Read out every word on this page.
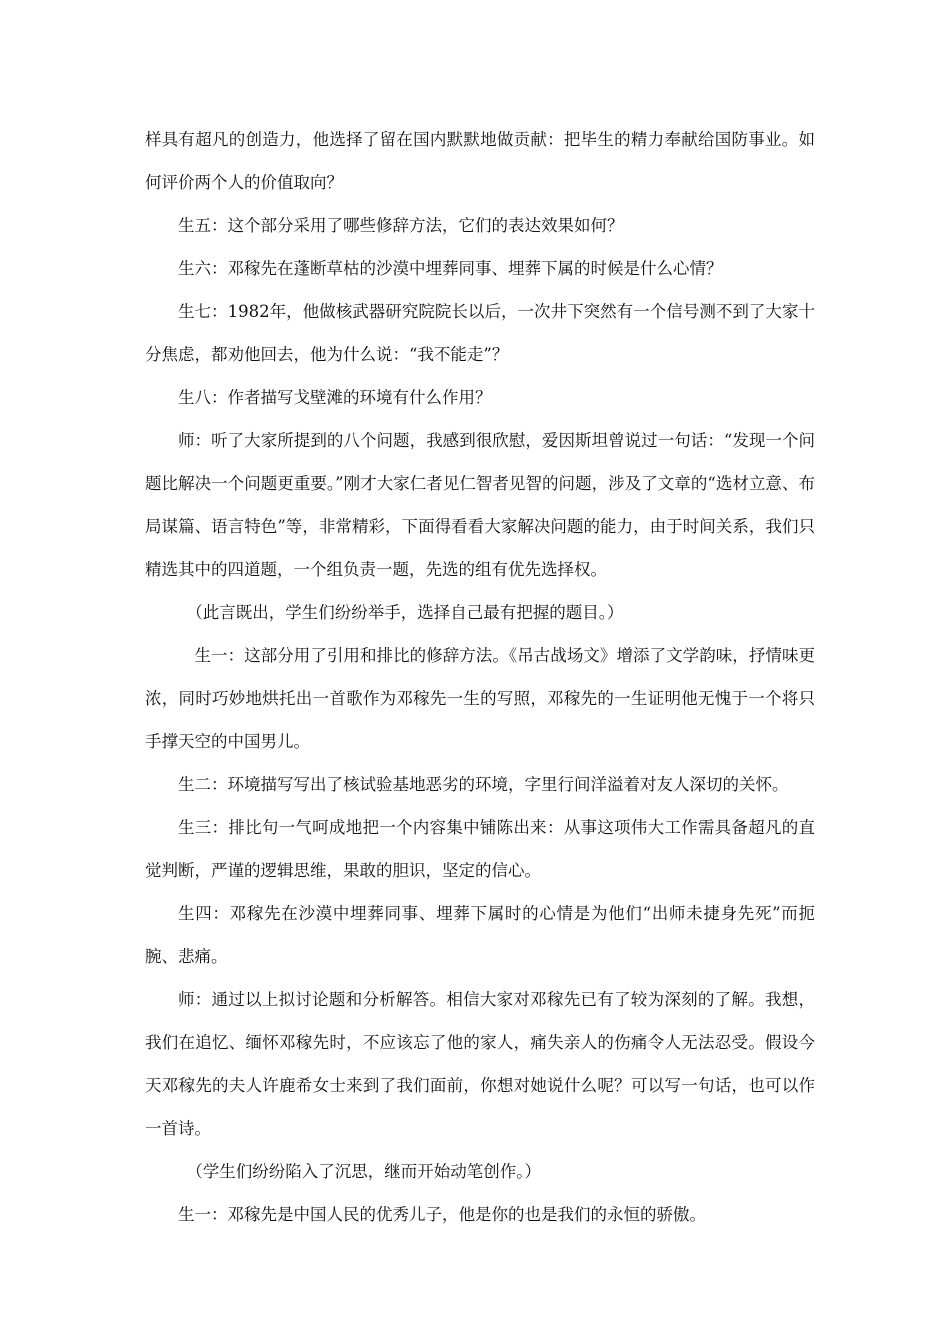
样具有超凡的创造力，他选择了留在国内默默地做贡献：把毕生的精力奉献给国防事业。如何评价两个人的价值取向？

生五：这个部分采用了哪些修辞方法，它们的表达效果如何？

生六：邓稼先在蓬断草枯的沙漠中埋葬同事、埋葬下属的时候是什么心情？

生七：1982年，他做核武器研究院院长以后，一次井下突然有一个信号测不到了大家十分焦虑，都劝他回去，他为什么说：“我不能走”？

生八：作者描写戈壁滩的环境有什么作用？

师：听了大家所提到的八个问题，我感到很欣慰，爱因斯坦曾说过一句话：“发现一个问题比解决一个问题更重要。”刚才大家仁者见仁智者见智的问题，涉及了文章的“选材立意、布局谋篇、语言特色”等，非常精彩，下面得看看大家解决问题的能力，由于时间关系，我们只精选其中的四道题，一个组负责一题，先选的组有优先选择权。

（此言既出，学生们纷纷举手，选择自己最有把握的题目。）

生一：这部分用了引用和排比的修辞方法。《吊古战场文》增添了文学韵味，抒情味更浓，同时巧妙地烘托出一首歌作为邓稼先一生的写照，邓稼先的一生证明他无愧于一个将只手撑天空的中国男儿。

生二：环境描写写出了核试验基地恶劣的环境，字里行间洋溢着对友人深切的关怀。

生三：排比句一气呵成地把一个内容集中铺陈出来：从事这项伟大工作需具备超凡的直觉判断，严谨的逻辑思维，果敢的胆识，坚定的信心。

生四：邓稼先在沙漠中埋葬同事、埋葬下属时的心情是为他们“出师未捷身先死”而扼腕、悲痛。

师：通过以上拟讨论题和分析解答。相信大家对邓稼先已有了较为深刻的了解。我想，我们在追忆、缅怀邓稼先时，不应该忘了他的家人，痛失亲人的伤痛令人无法忍受。假设今天邓稼先的夫人许鹿希女士来到了我们面前，你想对她说什么呢？可以写一句话，也可以作一首诗。

（学生们纷纷陷入了沉思，继而开始动笔创作。）

生一：邓稼先是中国人民的优秀儿子，他是你的也是我们的永恒的骄傲。
